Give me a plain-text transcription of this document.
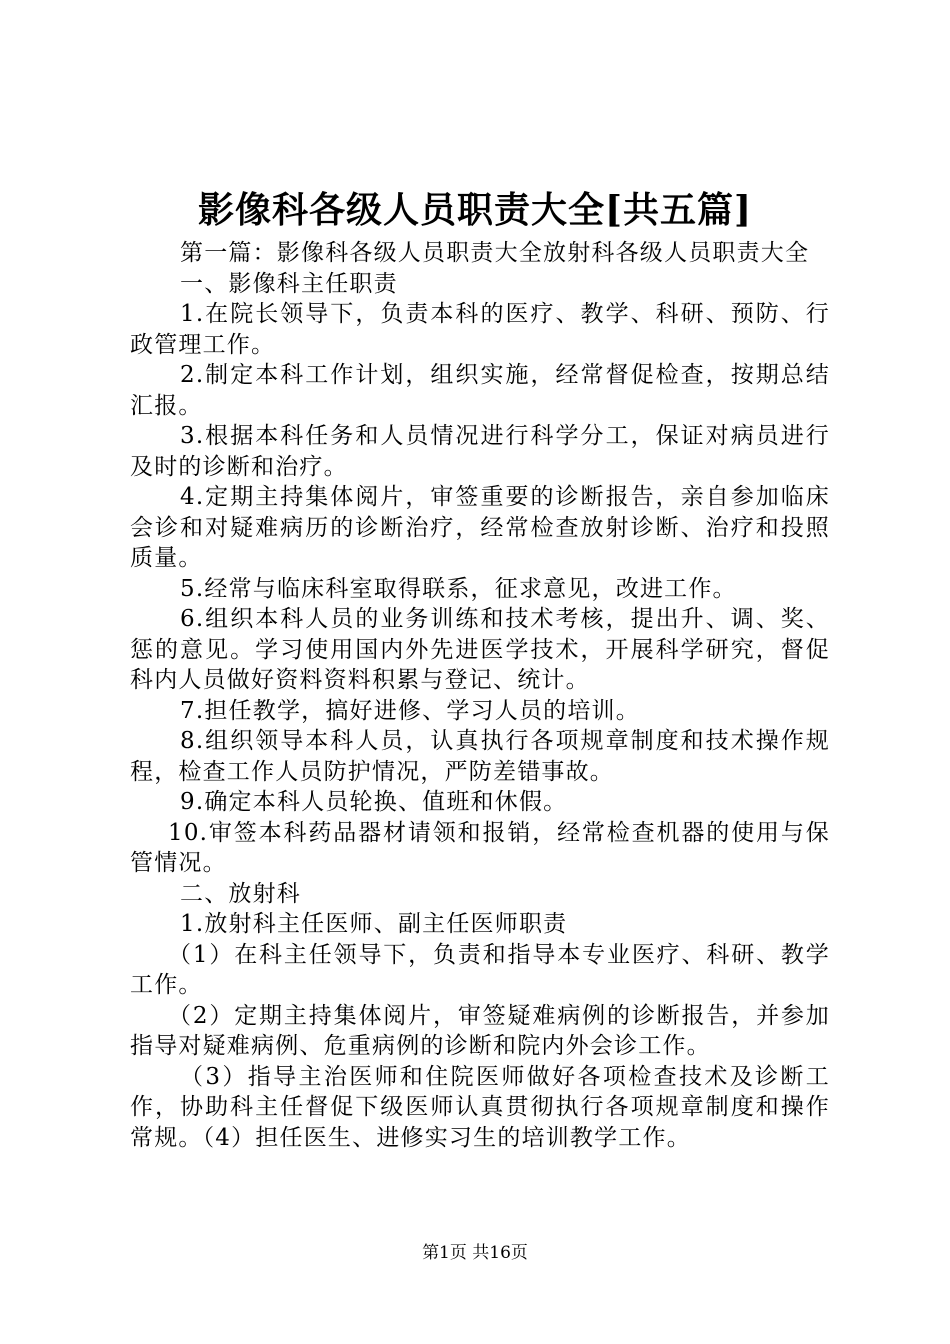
影像科各级人员职责大全[共五篇]

第一篇：影像科各级人员职责大全放射科各级人员职责大全

一、影像科主任职责

1.在院长领导下，负责本科的医疗、教学、科研、预防、行政管理工作。

2.制定本科工作计划，组织实施，经常督促检查，按期总结汇报。

3.根据本科任务和人员情况进行科学分工，保证对病员进行及时的诊断和治疗。

4.定期主持集体阅片，审签重要的诊断报告，亲自参加临床会诊和对疑难病历的诊断治疗，经常检查放射诊断、治疗和投照质量。

5.经常与临床科室取得联系，征求意见，改进工作。

6.组织本科人员的业务训练和技术考核，提出升、调、奖、惩的意见。学习使用国内外先进医学技术，开展科学研究，督促科内人员做好资料资料积累与登记、统计。

7.担任教学，搞好进修、学习人员的培训。

8.组织领导本科人员，认真执行各项规章制度和技术操作规程，检查工作人员防护情况，严防差错事故。

9.确定本科人员轮换、值班和休假。

10.审签本科药品器材请领和报销，经常检查机器的使用与保管情况。

二、放射科

1.放射科主任医师、副主任医师职责

（1）在科主任领导下，负责和指导本专业医疗、科研、教学工作。

（2）定期主持集体阅片，审签疑难病例的诊断报告，并参加指导对疑难病例、危重病例的诊断和院内外会诊工作。

（3）指导主治医师和住院医师做好各项检查技术及诊断工作，协助科主任督促下级医师认真贯彻执行各项规章制度和操作常规。（4）担任医生、进修实习生的培训教学工作。

第1页 共16页
